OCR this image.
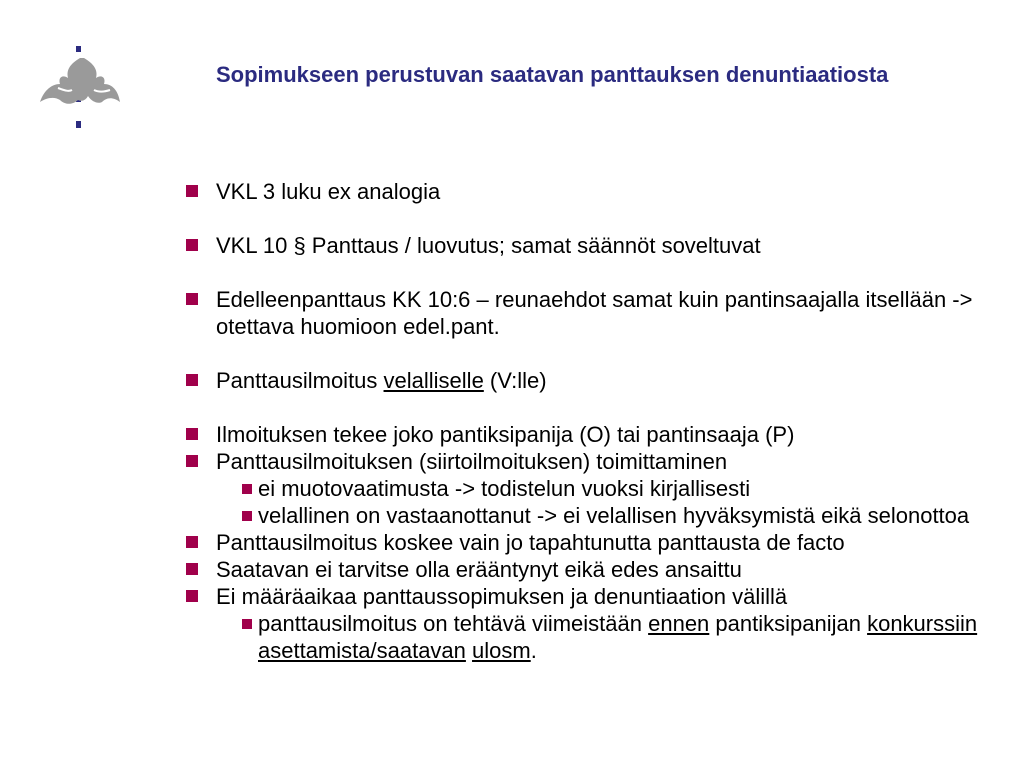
Sopimukseen perustuvan saatavan panttauksen denuntiaatiosta
VKL 3 luku ex analogia
VKL 10 § Panttaus / luovutus; samat säännöt soveltuvat
Edelleenpanttaus KK 10:6 – reunaehdot samat kuin pantinsaajalla itsellään -> otettava huomioon edel.pant.
Panttausilmoitus velalliselle (V:lle)
Ilmoituksen tekee joko pantiksipanija (O) tai pantinsaaja (P)
Panttausilmoituksen (siirtoilmoituksen) toimittaminen
ei muotovaatimusta -> todistelun vuoksi kirjallisesti
velallinen on vastaanottanut -> ei velallisen hyväksymistä eikä selonottoa
Panttausilmoitus koskee vain jo tapahtunutta panttausta de facto
Saatavan ei tarvitse olla erääntynyt eikä edes ansaittu
Ei määräaikaa panttaussopimuksen ja denuntiaation välillä
panttausilmoitus on tehtävä viimeistään ennen pantiksipanijan konkurssiin asettamista/saatavan ulosm.
